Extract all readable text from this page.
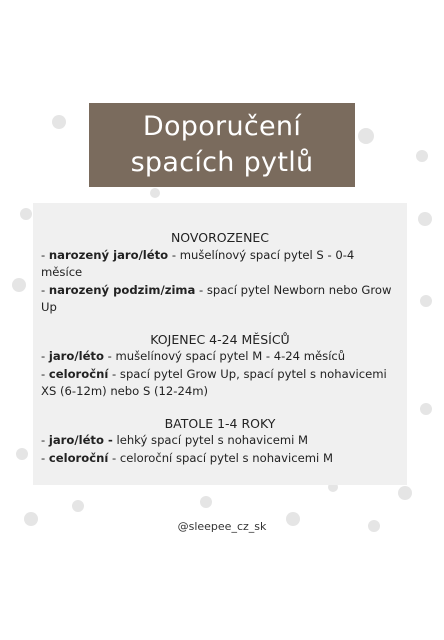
Doporučení
spacích pytlů
NOVOROZENEC
- narozený jaro/léto - mušelínový spací pytel S - 0-4 měsíce
- narozený podzim/zima - spací pytel Newborn nebo Grow Up
KOJENEC 4-24 MĚSÍCŮ
- jaro/léto - mušelínový spací pytel M - 4-24 měsíců
- celoroční - spací pytel Grow Up, spací pytel s nohavicemi XS (6-12m) nebo S (12-24m)
BATOLE 1-4 ROKY
- jaro/léto - lehký spací pytel s nohavicemi M
- celoroční - celoroční spací pytel s nohavicemi M
@sleepee_cz_sk
